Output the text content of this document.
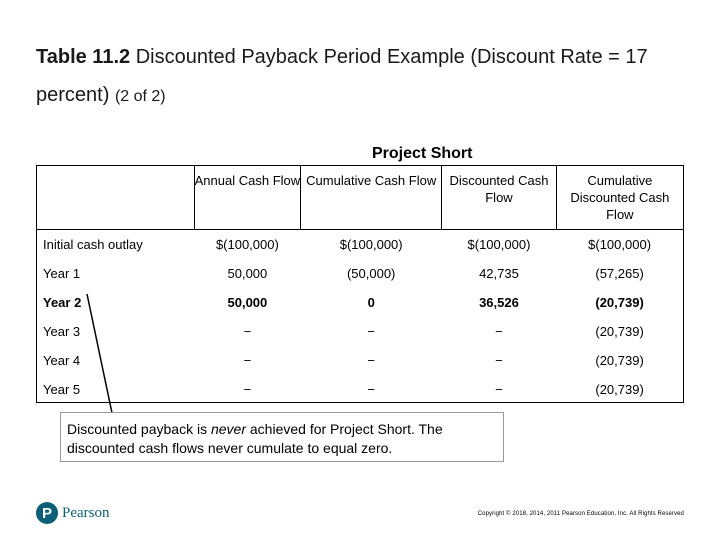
Table 11.2 Discounted Payback Period Example (Discount Rate = 17 percent) (2 of 2)
Project Short
	Annual Cash Flow	Cumulative Cash Flow	Discounted Cash Flow	Cumulative Discounted Cash Flow
Initial cash outlay	$(100,000)	$(100,000)	$(100,000)	$(100,000)
Year 1	50,000	(50,000)	42,735	(57,265)
Year 2	50,000	0	36,526	(20,739)
Year 3	−	−	−	(20,739)
Year 4	−	−	−	(20,739)
Year 5	−	−	−	(20,739)
Discounted payback is never achieved for Project Short. The discounted cash flows never cumulate to equal zero.
P Pearson	Copyright © 2018, 2014, 2011 Pearson Education, Inc. All Rights Reserved
